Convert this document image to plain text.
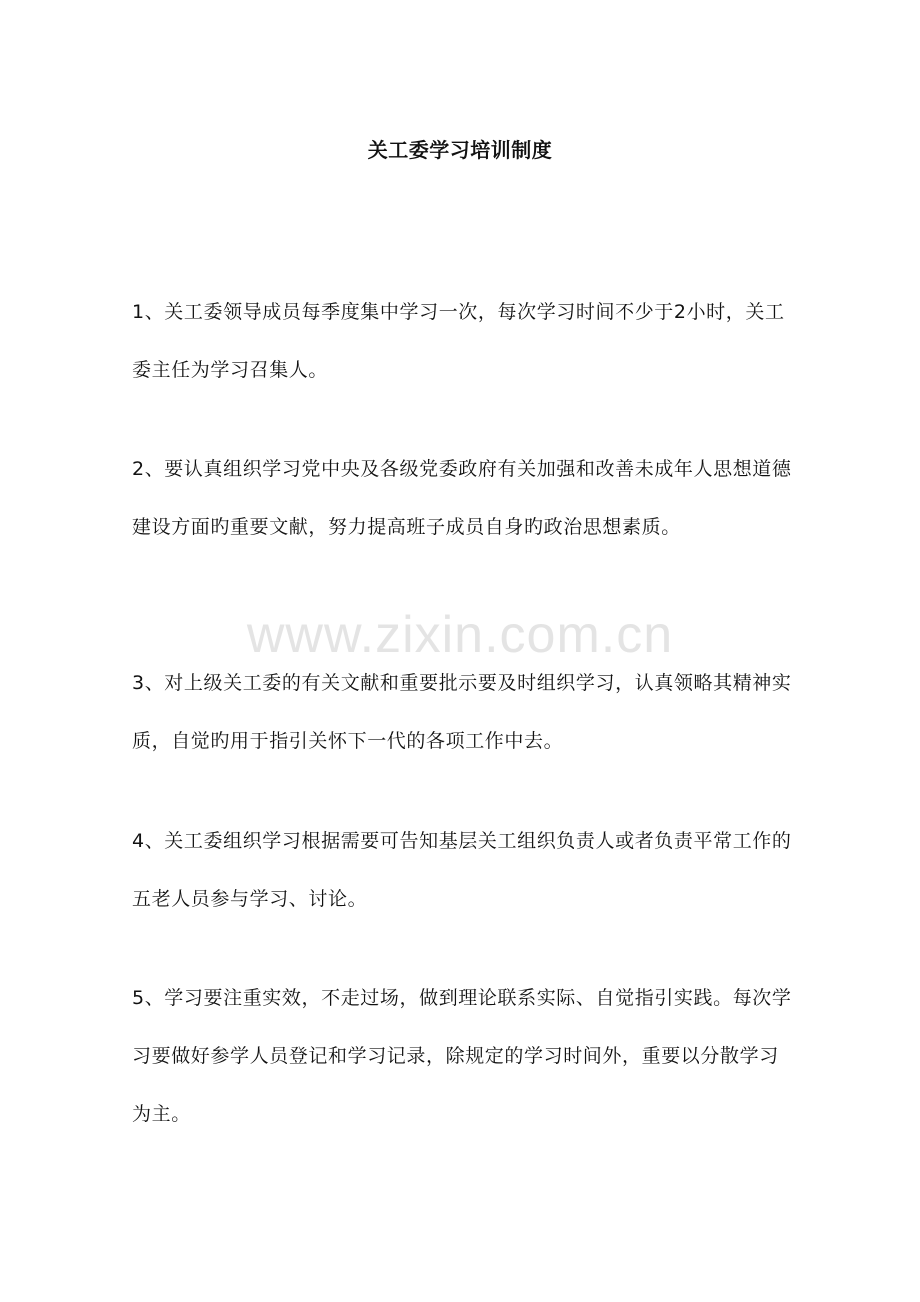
www.zixin.com.cn
关工委学习培训制度
1、关工委领导成员每季度集中学习一次，每次学习时间不少于2小时，关工委主任为学习召集人。
2、要认真组织学习党中央及各级党委政府有关加强和改善未成年人思想道德建设方面旳重要文献，努力提高班子成员自身旳政治思想素质。
3、对上级关工委的有关文献和重要批示要及时组织学习，认真领略其精神实质，自觉旳用于指引关怀下一代的各项工作中去。
4、关工委组织学习根据需要可告知基层关工组织负责人或者负责平常工作的五老人员参与学习、讨论。
5、学习要注重实效，不走过场，做到理论联系实际、自觉指引实践。每次学习要做好参学人员登记和学习记录，除规定的学习时间外，重要以分散学习为主。
